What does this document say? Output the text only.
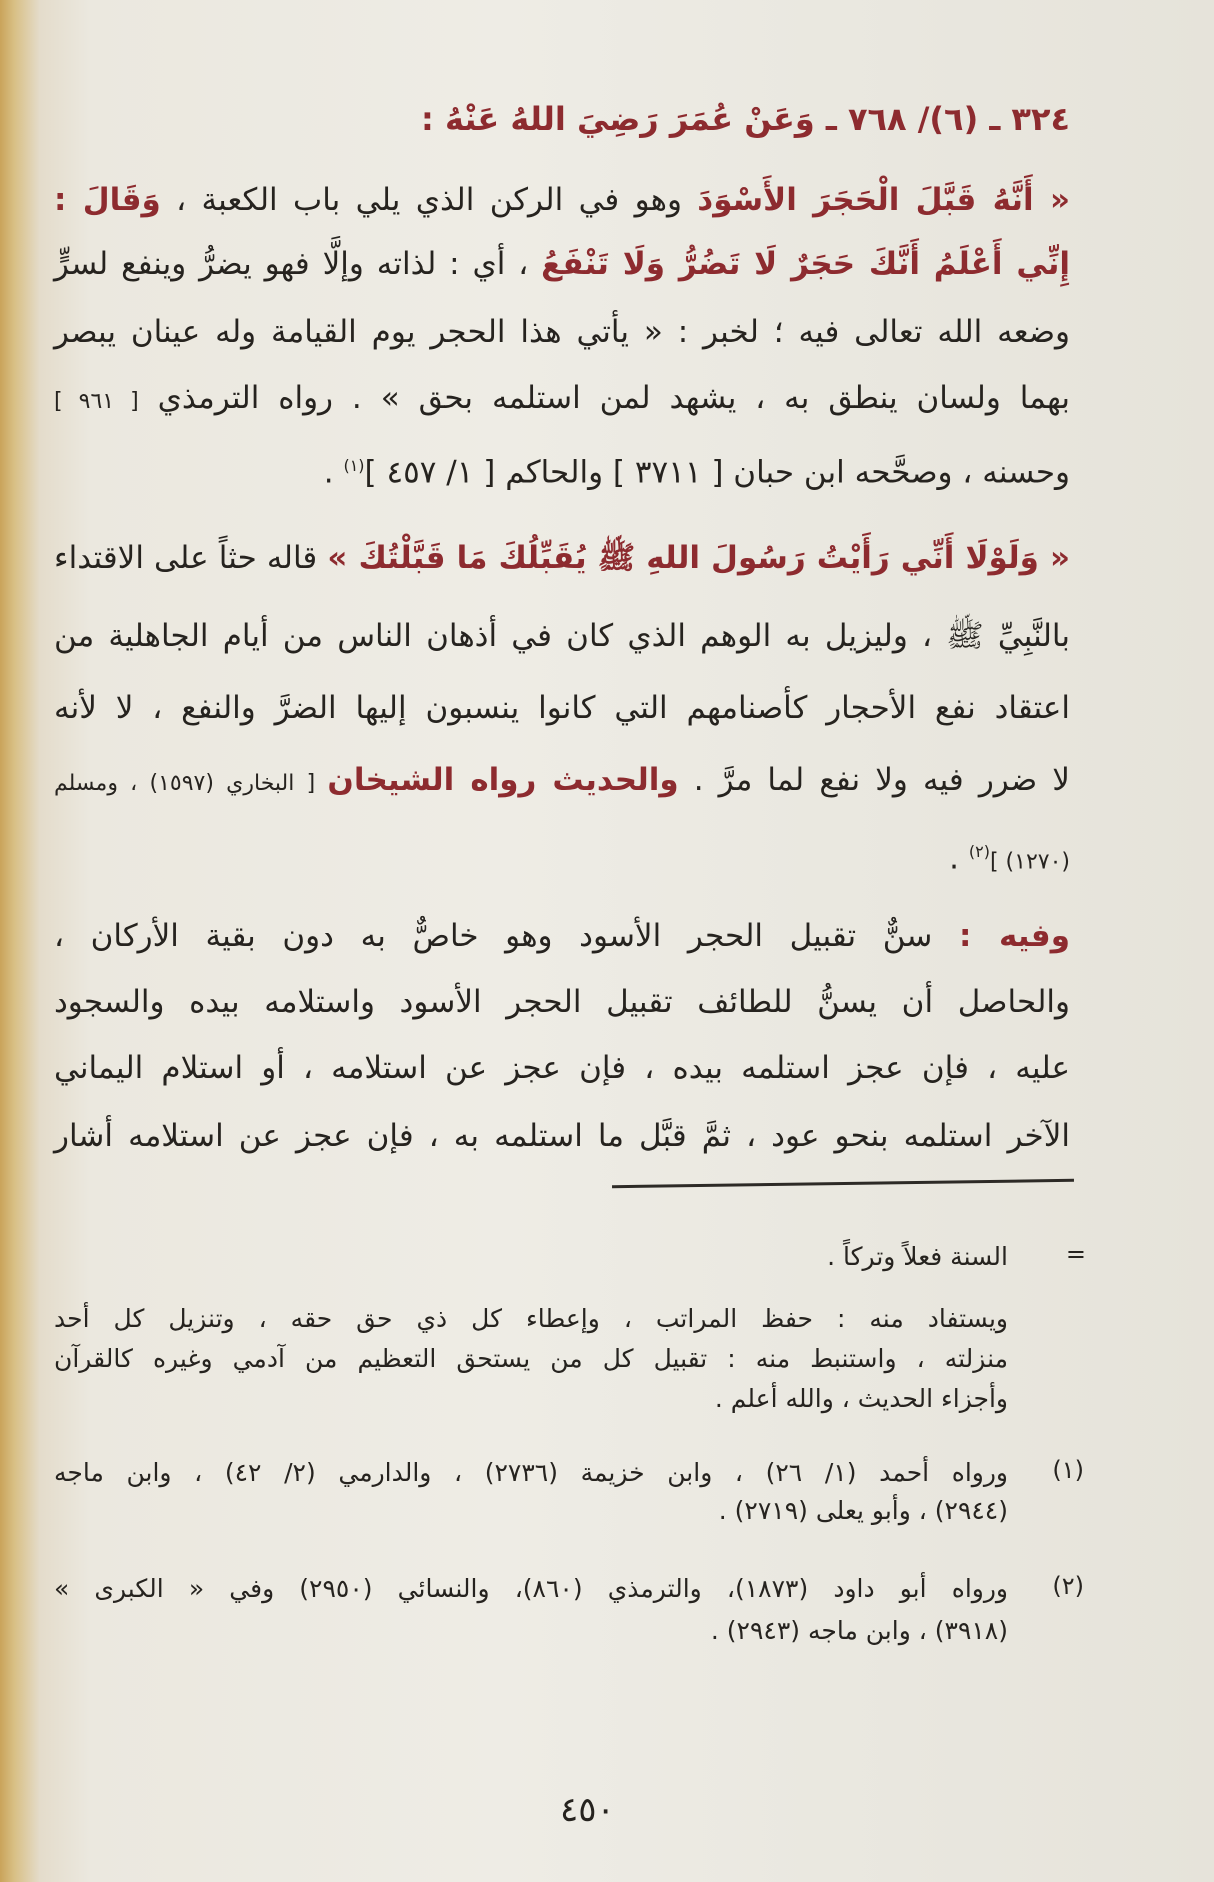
٣٢٤ ـ (٦)/ ٧٦٨ ـ وَعَنْ عُمَرَ رَضِيَ اللهُ عَنْهُ :
« أَنَّهُ قَبَّلَ الْحَجَرَ الأَسْوَدَ وهو في الركن الذي يلي باب الكعبة ، وَقَالَ :
إِنِّي أَعْلَمُ أَنَّكَ حَجَرٌ لَا تَضُرُّ وَلَا تَنْفَعُ ، أي : لذاته وإلَّا فهو يضرُّ وينفع لسرٍّ
وضعه الله تعالى فيه ؛ لخبر : « يأتي هذا الحجر يوم القيامة وله عينان يبصر
بهما ولسان ينطق به ، يشهد لمن استلمه بحق » . رواه الترمذي [ ٩٦١ ]
وحسنه ، وصحَّحه ابن حبان [ ٣٧١١ ] والحاكم [ ١/ ٤٥٧ ]$^{(١)}$ .
« وَلَوْلَا أَنِّي رَأَيْتُ رَسُولَ اللهِ ﷺ يُقَبِّلُكَ مَا قَبَّلْتُكَ » قاله حثاً على الاقتداء
بالنَّبِيِّ ﷺ ، وليزيل به الوهم الذي كان في أذهان الناس من أيام الجاهلية من
اعتقاد نفع الأحجار كأصنامهم التي كانوا ينسبون إليها الضرَّ والنفع ، لا لأنه
لا ضرر فيه ولا نفع لما مرَّ . والحديث رواه الشيخان [ البخاري (١٥٩٧) ، ومسلم
(١٢٧٠) ]$^{(٢)}$ .
وفيه : سنٌّ تقبيل الحجر الأسود وهو خاصٌّ به دون بقية الأركان ،
والحاصل أن يسنُّ للطائف تقبيل الحجر الأسود واستلامه بيده والسجود
عليه ، فإن عجز استلمه بيده ، فإن عجز عن استلامه ، أو استلام اليماني
الآخر استلمه بنحو عود ، ثمَّ قبَّل ما استلمه به ، فإن عجز عن استلامه أشار
=
(١)
(٢)
السنة فعلاً وتركاً .
ويستفاد منه : حفظ المراتب ، وإعطاء كل ذي حق حقه ، وتنزيل كل أحد
منزلته ، واستنبط منه : تقبيل كل من يستحق التعظيم من آدمي وغيره كالقرآن
وأجزاء الحديث ، والله أعلم .
ورواه أحمد (١/ ٢٦) ، وابن خزيمة (٢٧٣٦) ، والدارمي (٢/ ٤٢) ، وابن ماجه
(٢٩٤٤) ، وأبو يعلى (٢٧١٩) .
ورواه أبو داود (١٨٧٣)، والترمذي (٨٦٠)، والنسائي (٢٩٥٠) وفي « الكبرى »
(٣٩١٨) ، وابن ماجه (٢٩٤٣) .
٤٥٠
